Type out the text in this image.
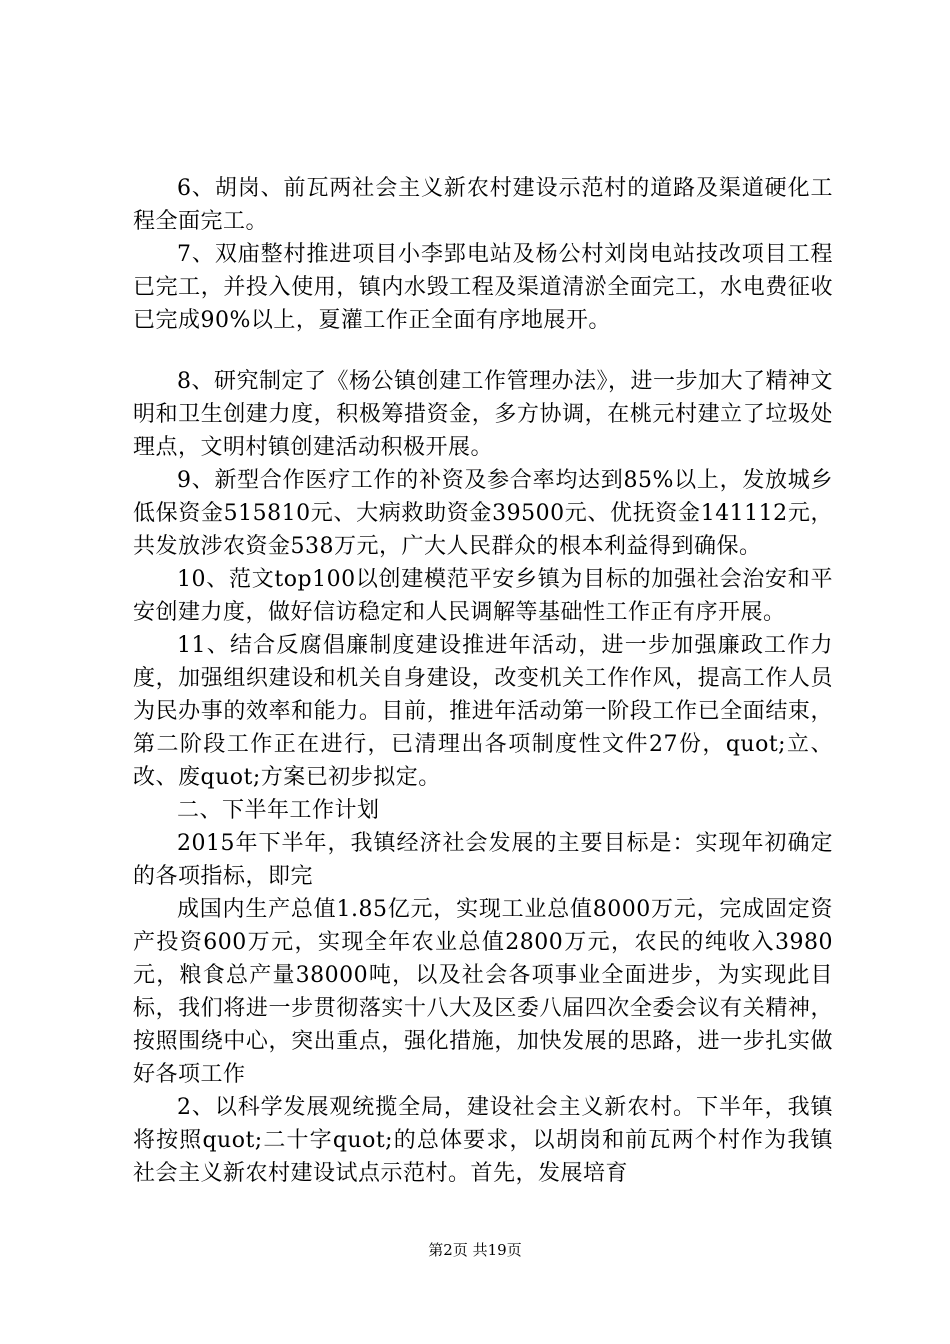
6、胡岗、前瓦两社会主义新农村建设示范村的道路及渠道硬化工程全面完工。

7、双庙整村推进项目小李郢电站及杨公村刘岗电站技改项目工程已完工，并投入使用，镇内水毁工程及渠道清淤全面完工，水电费征收已完成90%以上，夏灌工作正全面有序地展开。

8、研究制定了《杨公镇创建工作管理办法》，进一步加大了精神文明和卫生创建力度，积极筹措资金，多方协调，在桃元村建立了垃圾处理点，文明村镇创建活动积极开展。

9、新型合作医疗工作的补资及参合率均达到85%以上，发放城乡低保资金515810元、大病救助资金39500元、优抚资金141112元，共发放涉农资金538万元，广大人民群众的根本利益得到确保。

10、范文top100以创建模范平安乡镇为目标的加强社会治安和平安创建力度，做好信访稳定和人民调解等基础性工作正有序开展。

11、结合反腐倡廉制度建设推进年活动，进一步加强廉政工作力度，加强组织建设和机关自身建设，改变机关工作作风，提高工作人员为民办事的效率和能力。目前，推进年活动第一阶段工作已全面结束，第二阶段工作正在进行，已清理出各项制度性文件27份，quot;立、改、废quot;方案已初步拟定。

二、下半年工作计划

2015年下半年，我镇经济社会发展的主要目标是：实现年初确定的各项指标，即完

成国内生产总值1.85亿元，实现工业总值8000万元，完成固定资产投资600万元，实现全年农业总值2800万元，农民的纯收入3980元，粮食总产量38000吨，以及社会各项事业全面进步，为实现此目标，我们将进一步贯彻落实十八大及区委八届四次全委会议有关精神，按照围绕中心，突出重点，强化措施，加快发展的思路，进一步扎实做好各项工作

2、以科学发展观统揽全局，建设社会主义新农村。下半年，我镇将按照quot;二十字quot;的总体要求，以胡岗和前瓦两个村作为我镇社会主义新农村建设试点示范村。首先，发展培育

第2页 共19页
